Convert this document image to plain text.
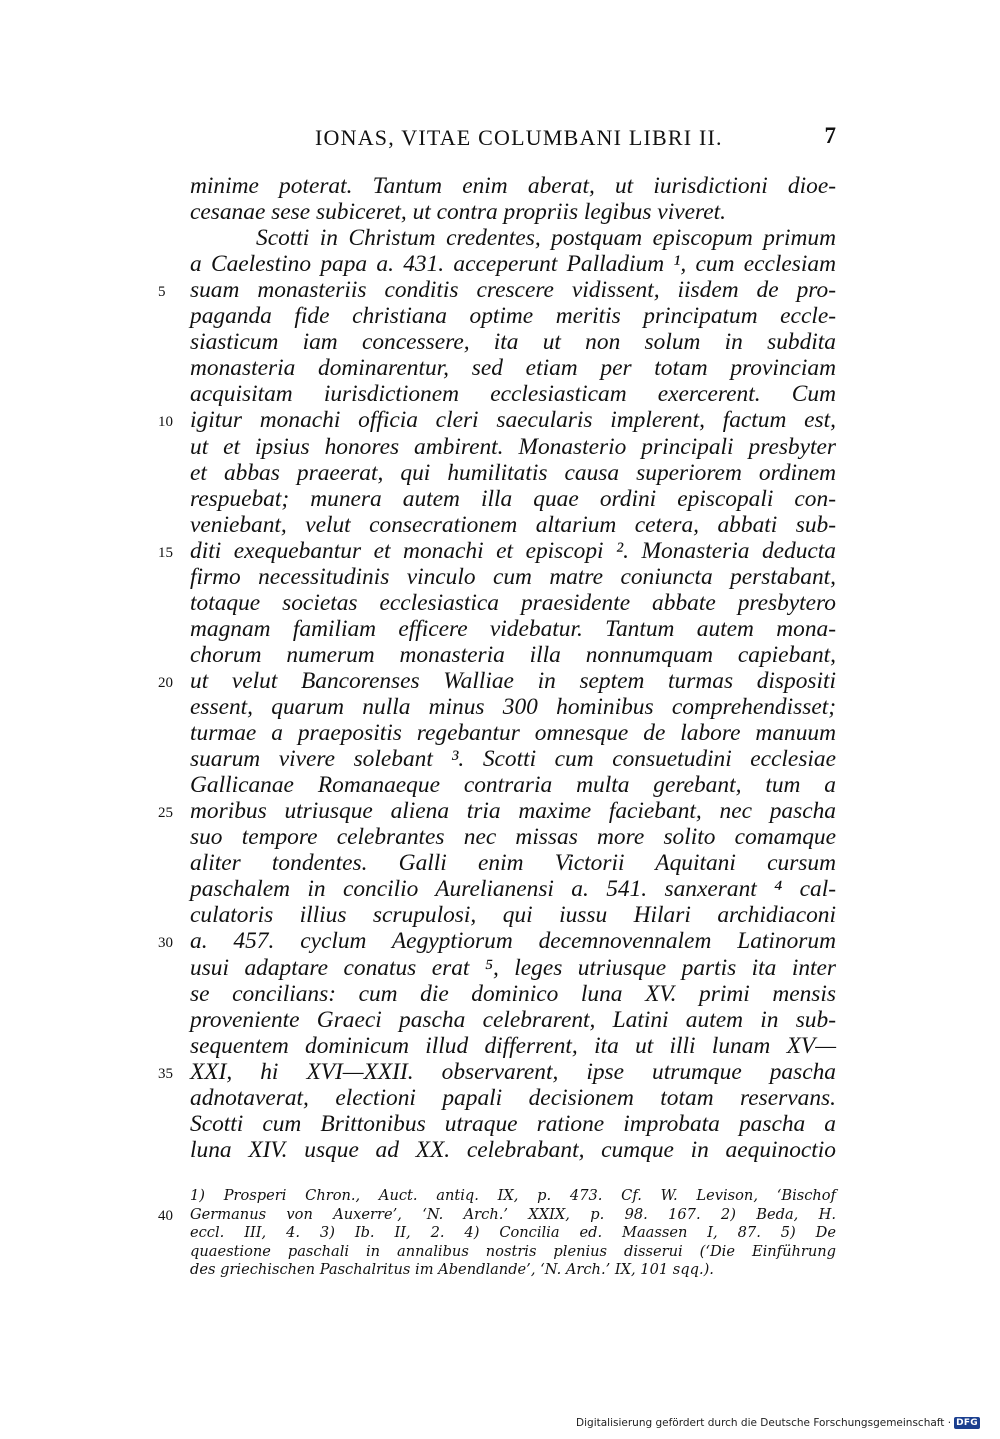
IONAS, VITAE COLUMBANI LIBRI II.	7
minime poterat. Tantum enim aberat, ut iurisdictioni dioe-
cesanae sese subiceret, ut contra propriis legibus viveret.
Scotti in Christum credentes, postquam episcopum primum
a Caelestino papa a. 431. acceperunt Palladium ¹, cum ecclesiam
suam monasteriis conditis crescere vidissent, iisdem de pro-
paganda fide christiana optime meritis principatum eccle-
siasticum iam concessere, ita ut non solum in subdita
monasteria dominarentur, sed etiam per totam provinciam
acquisitam iurisdictionem ecclesiasticam exercerent. Cum
igitur monachi officia cleri saecularis implerent, factum est,
ut et ipsius honores ambirent. Monasterio principali presbyter
et abbas praeerat, qui humilitatis causa superiorem ordinem
respuebat; munera autem illa quae ordini episcopali con-
veniebant, velut consecrationem altarium cetera, abbati sub-
diti exequebantur et monachi et episcopi ². Monasteria deducta
firmo necessitudinis vinculo cum matre coniuncta perstabant,
totaque societas ecclesiastica praesidente abbate presbytero
magnam familiam efficere videbatur. Tantum autem mona-
chorum numerum monasteria illa nonnumquam capiebant,
ut velut Bancorenses Walliae in septem turmas dispositi
essent, quarum nulla minus 300 hominibus comprehendisset;
turmae a praepositis regebantur omnesque de labore manuum
suarum vivere solebant ³. Scotti cum consuetudini ecclesiae
Gallicanae Romanaeque contraria multa gerebant, tum a
moribus utriusque aliena tria maxime faciebant, nec pascha
suo tempore celebrantes nec missas more solito comamque
aliter tondentes. Galli enim Victorii Aquitani cursum
paschalem in concilio Aurelianensi a. 541. sanxerant ⁴ cal-
culatoris illius scrupulosi, qui iussu Hilari archidiaconi
a. 457. cyclum Aegyptiorum decemnovennalem Latinorum
usui adaptare conatus erat ⁵, leges utriusque partis ita inter
se concilians: cum die dominico luna XV. primi mensis
proveniente Graeci pascha celebrarent, Latini autem in sub-
sequentem dominicum illud differrent, ita ut illi lunam XV—
XXI, hi XVI—XXII. observarent, ipse utrumque pascha
adnotaverat, electioni papali decisionem totam reservans.
Scotti cum Brittonibus utraque ratione improbata pascha a
luna XIV. usque ad XX. celebrabant, cumque in aequinoctio
1) Prosperi Chron., Auct. antiq. IX, p. 473. Cf. W. Levison, ‘Bischof
Germanus von Auxerre’, ‘N. Arch.’ XXIX, p. 98. 167. 2) Beda, H.
40
eccl. III, 4. 3) Ib. II, 2. 4) Concilia ed. Maassen I, 87. 5) De
quaestione paschali in annalibus nostris plenius disserui (‘Die Einführung
des griechischen Paschalritus im Abendlande’, ‘N. Arch.’ IX, 101 sqq.).
Digitalisierung gefördert durch die Deutsche Forschungsgemeinschaft · DFG
5
10
15
20
25
30
35
